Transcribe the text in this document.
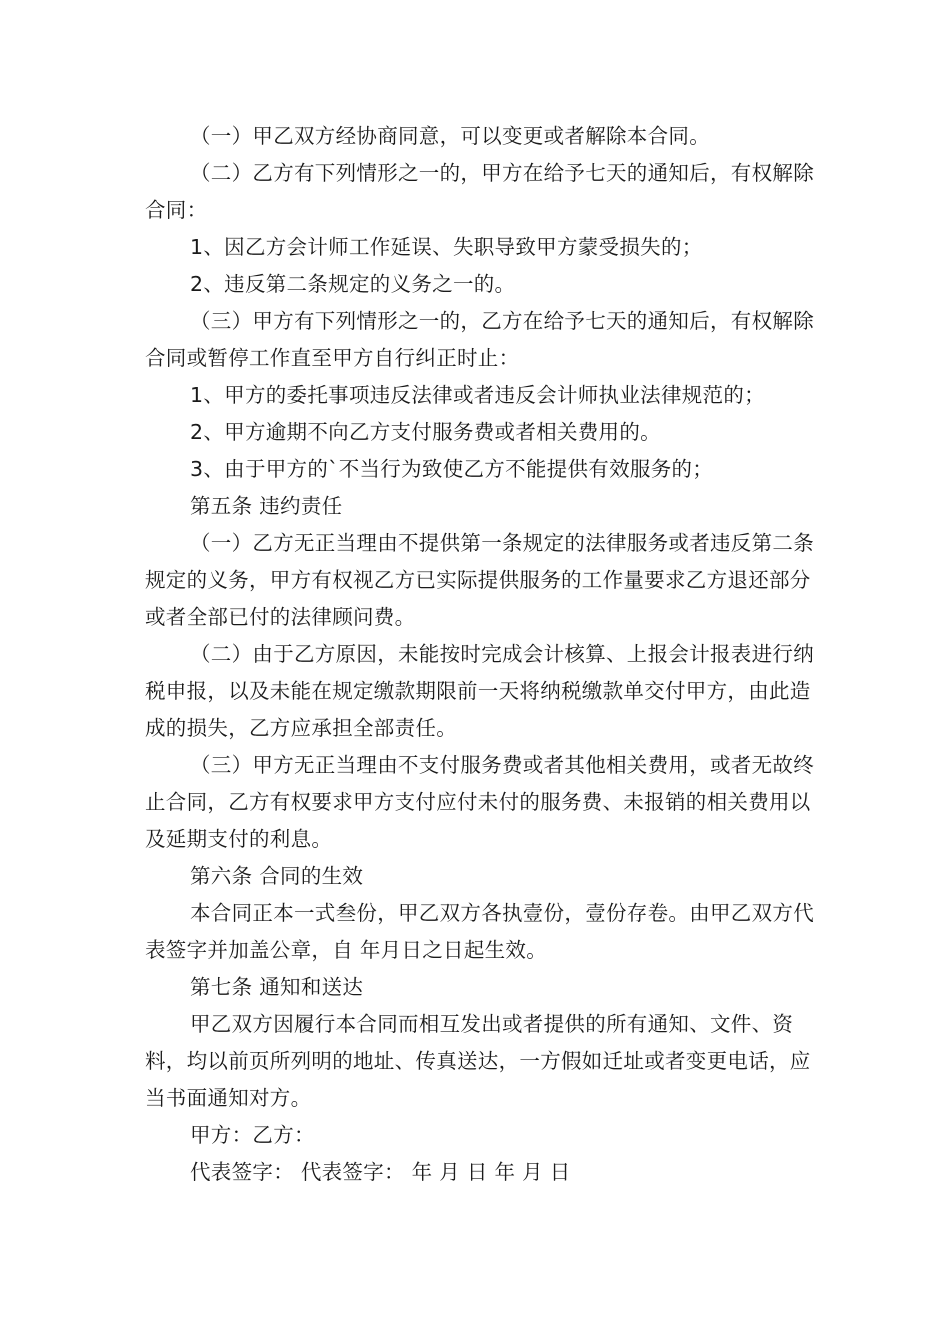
（一）甲乙双方经协商同意，可以变更或者解除本合同。

（二）乙方有下列情形之一的，甲方在给予七天的通知后，有权解除合同：

1、因乙方会计师工作延误、失职导致甲方蒙受损失的；

2、违反第二条规定的义务之一的。

（三）甲方有下列情形之一的，乙方在给予七天的通知后，有权解除合同或暂停工作直至甲方自行纠正时止：

1、甲方的委托事项违反法律或者违反会计师执业法律规范的；

2、甲方逾期不向乙方支付服务费或者相关费用的。

3、由于甲方的`不当行为致使乙方不能提供有效服务的；

第五条 违约责任

（一）乙方无正当理由不提供第一条规定的法律服务或者违反第二条规定的义务，甲方有权视乙方已实际提供服务的工作量要求乙方退还部分或者全部已付的法律顾问费。

（二）由于乙方原因，未能按时完成会计核算、上报会计报表进行纳税申报，以及未能在规定缴款期限前一天将纳税缴款单交付甲方，由此造成的损失，乙方应承担全部责任。

（三）甲方无正当理由不支付服务费或者其他相关费用，或者无故终止合同，乙方有权要求甲方支付应付未付的服务费、未报销的相关费用以及延期支付的利息。

第六条 合同的生效

本合同正本一式叁份，甲乙双方各执壹份，壹份存卷。由甲乙双方代表签字并加盖公章，自 年月日之日起生效。

第七条 通知和送达

甲乙双方因履行本合同而相互发出或者提供的所有通知、文件、资料，均以前页所列明的地址、传真送达，一方假如迁址或者变更电话，应当书面通知对方。

甲方：乙方：

代表签字： 代表签字： 年 月 日 年 月 日
